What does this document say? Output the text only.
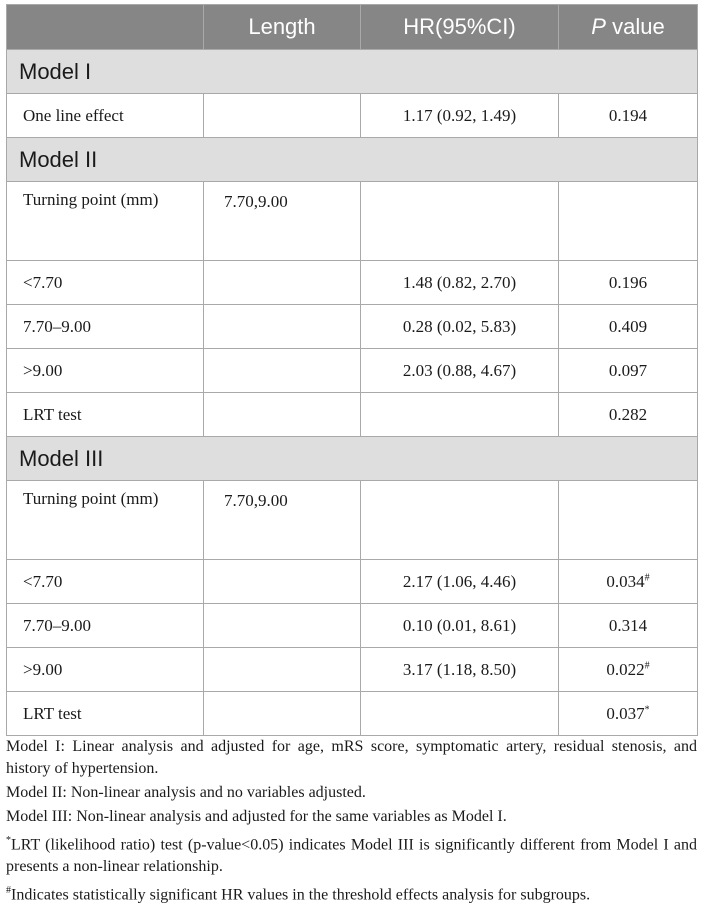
	Length	HR(95%CI)	P value
Model I			
One line effect		1.17 (0.92, 1.49)	0.194
Model II			
Turning point (mm)	7.70,9.00		
<7.70		1.48 (0.82, 2.70)	0.196
7.70–9.00		0.28 (0.02, 5.83)	0.409
>9.00		2.03 (0.88, 4.67)	0.097
LRT test			0.282
Model III			
Turning point (mm)	7.70,9.00		
<7.70		2.17 (1.06, 4.46)	0.034#
7.70–9.00		0.10 (0.01, 8.61)	0.314
>9.00		3.17 (1.18, 8.50)	0.022#
LRT test			0.037*

Model I: Linear analysis and adjusted for age, mRS score, symptomatic artery, residual stenosis, and history of hypertension.

Model II: Non-linear analysis and no variables adjusted.

Model III: Non-linear analysis and adjusted for the same variables as Model I.

*LRT (likelihood ratio) test (p-value<0.05) indicates Model III is significantly different from Model I and presents a non-linear relationship.

#Indicates statistically significant HR values in the threshold effects analysis for subgroups.
